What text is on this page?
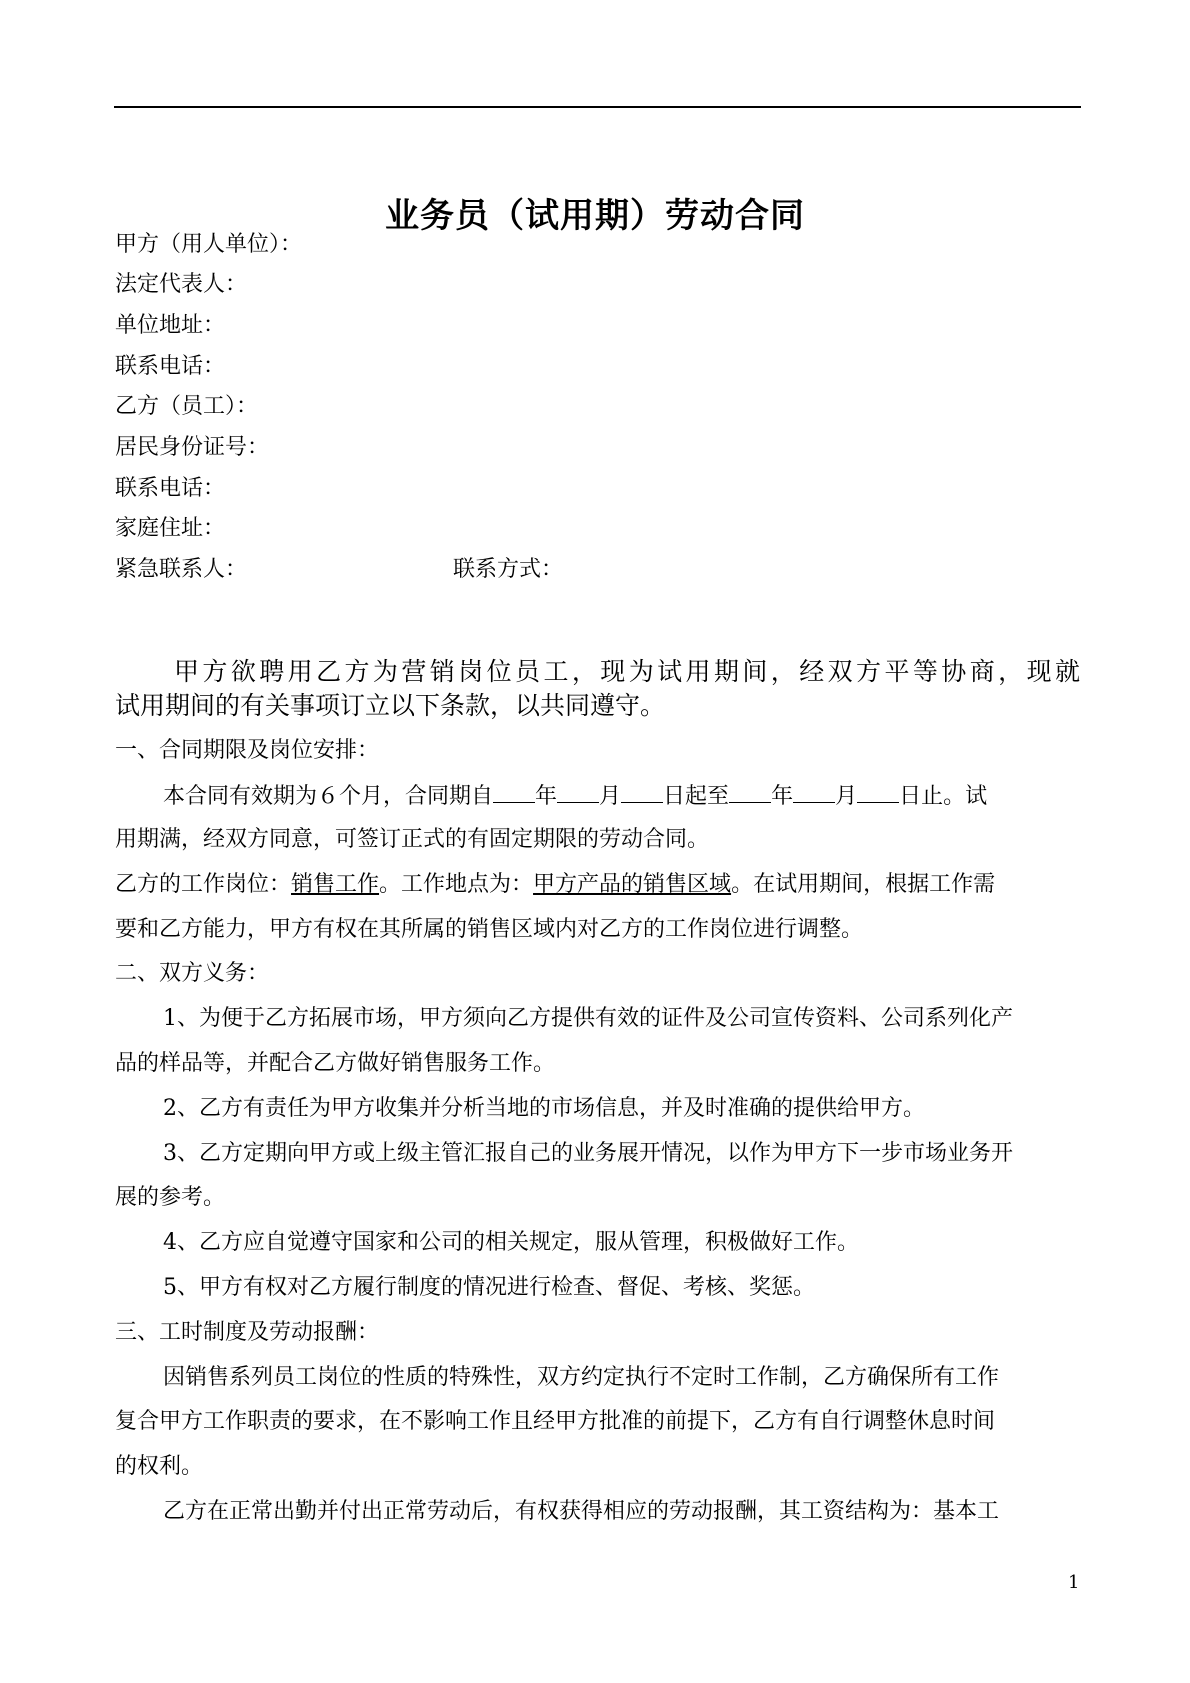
业务员（试用期）劳动合同
甲方（用人单位）：
法定代表人：
单位地址：
联系电话：
乙方（员工）：
居民身份证号：
联系电话：
家庭住址：
紧急联系人：	联系方式：
甲方欲聘用乙方为营销岗位员工，现为试用期间，经双方平等协商，现就
试用期间的有关事项订立以下条款，以共同遵守。
一、合同期限及岗位安排：
本合同有效期为６个月，合同期自 年 月 日起至 年 月 日止。试
用期满，经双方同意，可签订正式的有固定期限的劳动合同。
乙方的工作岗位：销售工作。工作地点为：甲方产品的销售区域。在试用期间，根据工作需
要和乙方能力，甲方有权在其所属的销售区域内对乙方的工作岗位进行调整。
二、双方义务：
1、为便于乙方拓展市场，甲方须向乙方提供有效的证件及公司宣传资料、公司系列化产
品的样品等，并配合乙方做好销售服务工作。
2、乙方有责任为甲方收集并分析当地的市场信息，并及时准确的提供给甲方。
3、乙方定期向甲方或上级主管汇报自己的业务展开情况，以作为甲方下一步市场业务开
展的参考。
4、乙方应自觉遵守国家和公司的相关规定，服从管理，积极做好工作。
5、甲方有权对乙方履行制度的情况进行检查、督促、考核、奖惩。
三、工时制度及劳动报酬：
因销售系列员工岗位的性质的特殊性，双方约定执行不定时工作制，乙方确保所有工作
复合甲方工作职责的要求，在不影响工作且经甲方批准的前提下，乙方有自行调整休息时间
的权利。
乙方在正常出勤并付出正常劳动后，有权获得相应的劳动报酬，其工资结构为：基本工
1
